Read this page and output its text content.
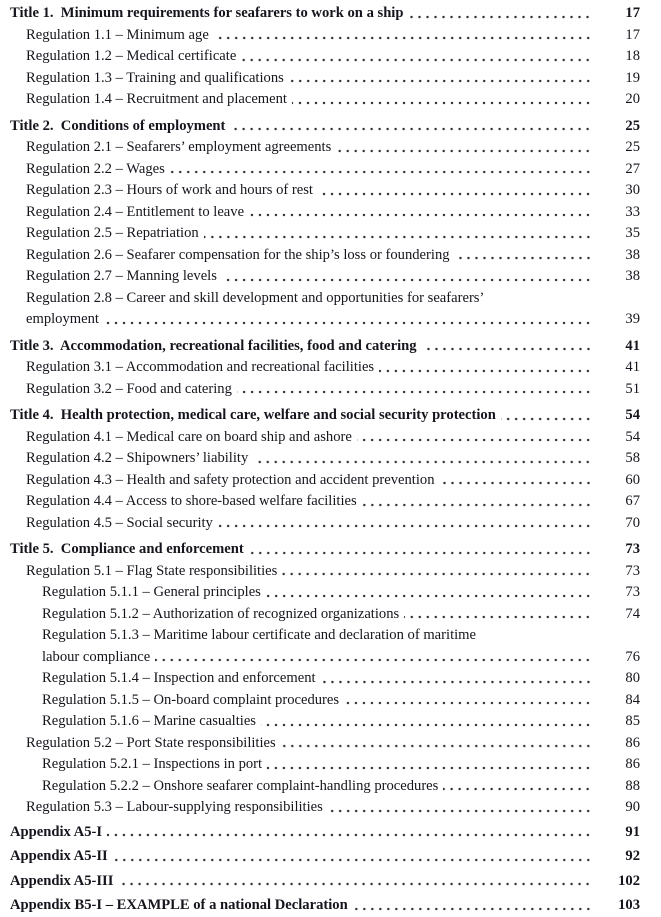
Title 1.  Minimum requirements for seafarers to work on a ship	17
Regulation 1.1 – Minimum age	17
Regulation 1.2 – Medical certificate	18
Regulation 1.3 – Training and qualifications	19
Regulation 1.4 – Recruitment and placement	20
Title 2.  Conditions of employment	25
Regulation 2.1 – Seafarers’ employment agreements	25
Regulation 2.2 – Wages	27
Regulation 2.3 – Hours of work and hours of rest	30
Regulation 2.4 – Entitlement to leave	33
Regulation 2.5 – Repatriation	35
Regulation 2.6 – Seafarer compensation for the ship’s loss or foundering	38
Regulation 2.7 – Manning levels	38
Regulation 2.8 – Career and skill development and opportunities for seafarers’
employment	39
Title 3.  Accommodation, recreational facilities, food and catering	41
Regulation 3.1 – Accommodation and recreational facilities	41
Regulation 3.2 – Food and catering	51
Title 4.  Health protection, medical care, welfare and social security protection	54
Regulation 4.1 – Medical care on board ship and ashore	54
Regulation 4.2 – Shipowners’ liability	58
Regulation 4.3 – Health and safety protection and accident prevention	60
Regulation 4.4 – Access to shore-based welfare facilities	67
Regulation 4.5 – Social security	70
Title 5.  Compliance and enforcement	73
Regulation 5.1 – Flag State responsibilities	73
Regulation 5.1.1 – General principles	73
Regulation 5.1.2 – Authorization of recognized organizations	74
Regulation 5.1.3 – Maritime labour certificate and declaration of maritime
labour compliance	76
Regulation 5.1.4 – Inspection and enforcement	80
Regulation 5.1.5 – On-board complaint procedures	84
Regulation 5.1.6 – Marine casualties	85
Regulation 5.2 – Port State responsibilities	86
Regulation 5.2.1 – Inspections in port	86
Regulation 5.2.2 – Onshore seafarer complaint-handling procedures	88
Regulation 5.3 – Labour-supplying responsibilities	90
Appendix A5-I	91
Appendix A5-II	92
Appendix A5-III	102
Appendix B5-I – EXAMPLE of a national Declaration	103
